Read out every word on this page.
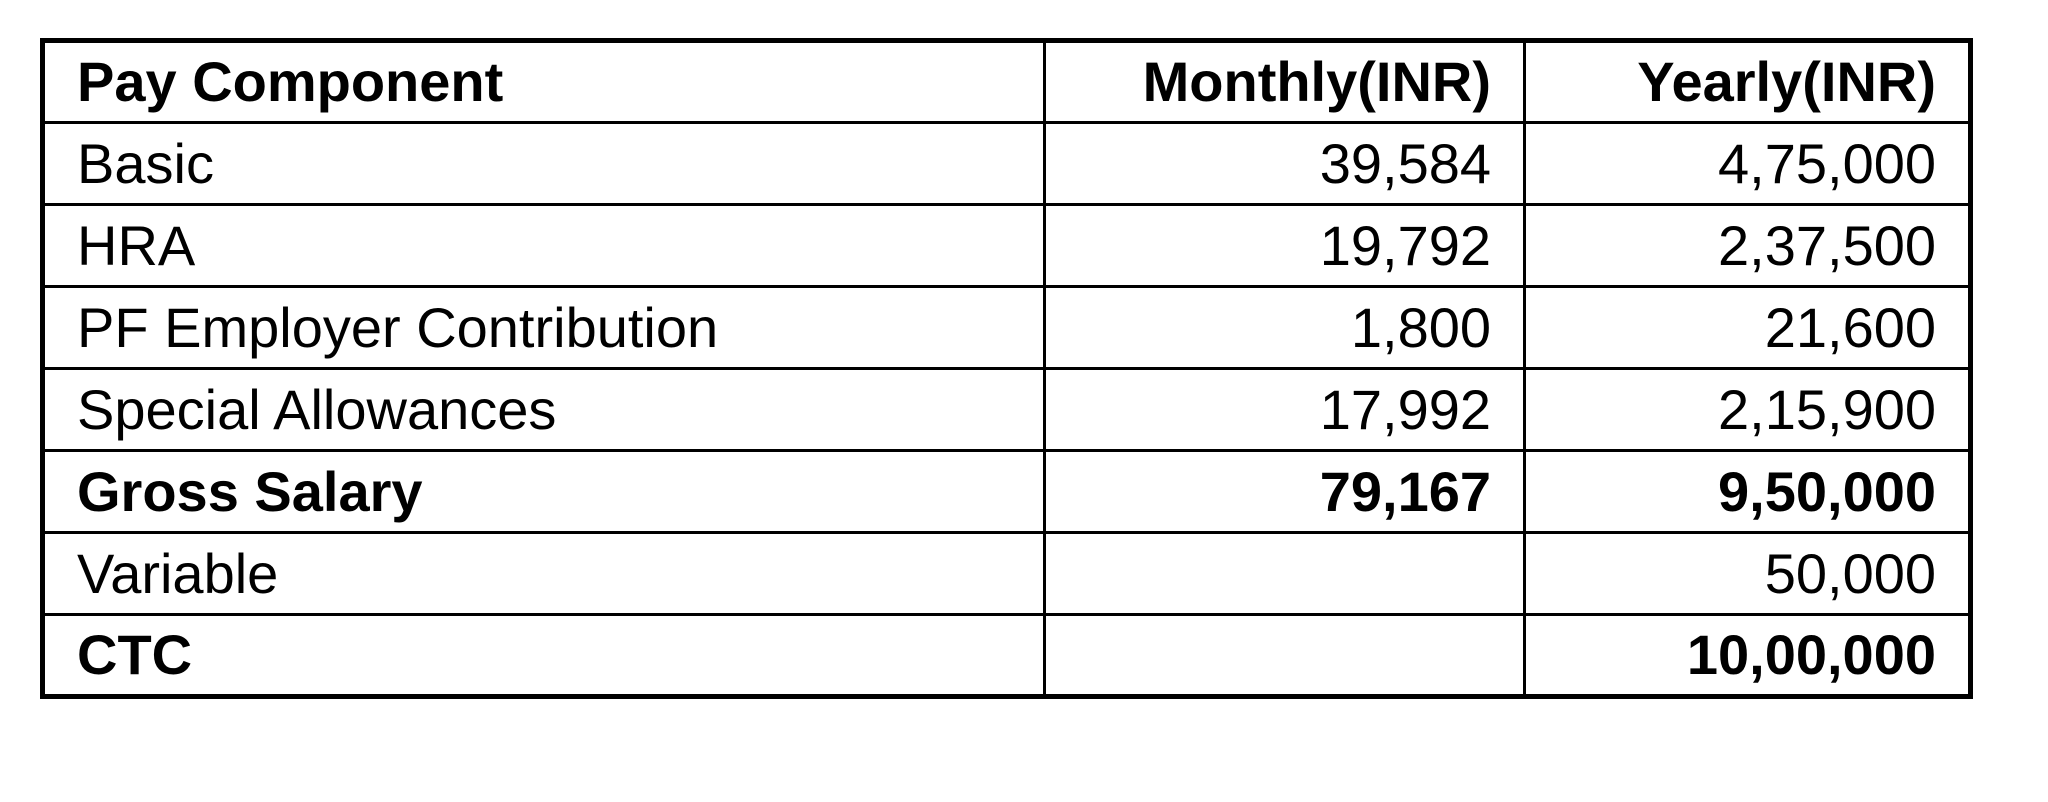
Pay Component	Monthly(INR)	Yearly(INR)
Basic	39,584	4,75,000
HRA	19,792	2,37,500
PF Employer Contribution	1,800	21,600
Special Allowances	17,992	2,15,900
Gross Salary	79,167	9,50,000
Variable		50,000
CTC		10,00,000
